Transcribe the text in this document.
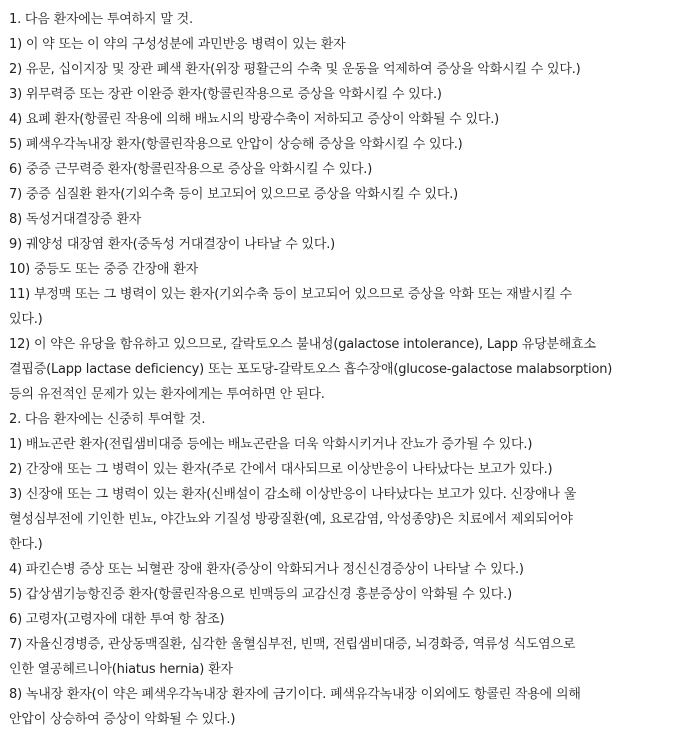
1. 다음 환자에는 투여하지 말 것.
1) 이 약 또는 이 약의 구성성분에 과민반응 병력이 있는 환자
2) 유문, 십이지장 및 장관 폐색 환자(위장 평활근의 수축 및 운동을 억제하여 증상을 악화시킬 수 있다.)
3) 위무력증 또는 장관 이완증 환자(항콜린작용으로 증상을 악화시킬 수 있다.)
4) 요폐 환자(항콜린 작용에 의해 배뇨시의 방광수축이 저하되고 증상이 악화될 수 있다.)
5) 폐색우각녹내장 환자(항콜린작용으로 안압이 상승해 증상을 악화시킬 수 있다.)
6) 중증 근무력증 환자(항콜린작용으로 증상을 악화시킬 수 있다.)
7) 중증 심질환 환자(기외수축 등이 보고되어 있으므로 증상을 악화시킬 수 있다.)
8) 독성거대결장증 환자
9) 궤양성 대장염 환자(중독성 거대결장이 나타날 수 있다.)
10) 중등도 또는 중증 간장애 환자
11) 부정맥 또는 그 병력이 있는 환자(기외수축 등이 보고되어 있으므로 증상을 악화 또는 재발시킬 수
있다.)
12) 이 약은 유당을 함유하고 있으므로, 갈락토오스 불내성(galactose intolerance), Lapp 유당분해효소
결핍증(Lapp lactase deficiency) 또는 포도당-갈락토오스 흡수장애(glucose-galactose malabsorption)
등의 유전적인 문제가 있는 환자에게는 투여하면 안 된다.
2. 다음 환자에는 신중히 투여할 것.
1) 배뇨곤란 환자(전립샘비대증 등에는 배뇨곤란을 더욱 악화시키거나 잔뇨가 증가될 수 있다.)
2) 간장애 또는 그 병력이 있는 환자(주로 간에서 대사되므로 이상반응이 나타났다는 보고가 있다.)
3) 신장애 또는 그 병력이 있는 환자(신배설이 감소해 이상반응이 나타났다는 보고가 있다. 신장애나 울
혈성심부전에 기인한 빈뇨, 야간뇨와 기질성 방광질환(예, 요로감염, 악성종양)은 치료에서 제외되어야
한다.)
4) 파킨슨병 증상 또는 뇌혈관 장애 환자(증상이 악화되거나 정신신경증상이 나타날 수 있다.)
5) 갑상샘기능항진증 환자(항콜린작용으로 빈맥등의 교감신경 흥분증상이 악화될 수 있다.)
6) 고령자(고령자에 대한 투여 항 참조)
7) 자율신경병증, 관상동맥질환, 심각한 울혈심부전, 빈맥, 전립샘비대증, 뇌경화증, 역류성 식도염으로
인한 열공헤르니아(hiatus hernia) 환자
8) 녹내장 환자(이 약은 폐색우각녹내장 환자에 금기이다. 폐색유각녹내장 이외에도 항콜린 작용에 의해
안압이 상승하여 증상이 악화될 수 있다.)
